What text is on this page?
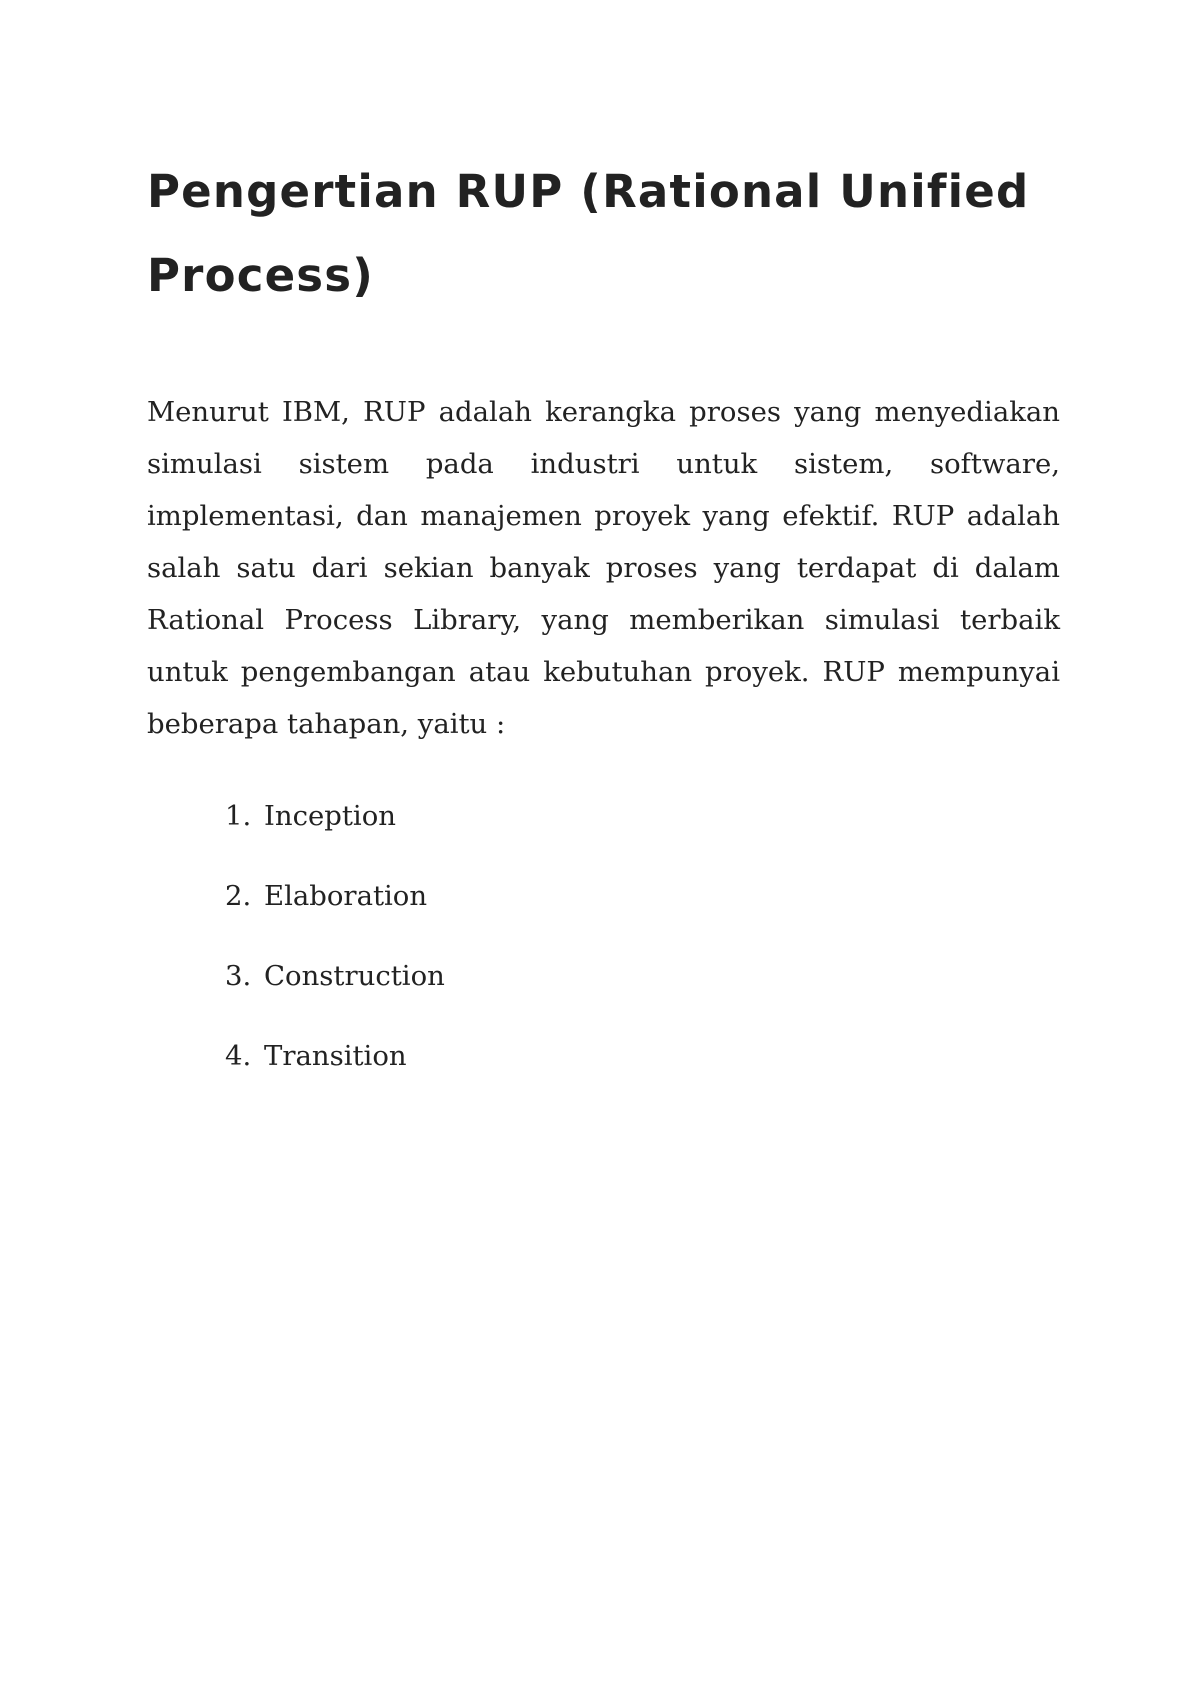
Pengertian RUP (Rational Unified Process)

Menurut IBM, RUP adalah kerangka proses yang menyediakan simulasi sistem pada industri untuk sistem, software, implementasi, dan manajemen proyek yang efektif. RUP adalah salah satu dari sekian banyak proses yang terdapat di dalam Rational Process Library, yang memberikan simulasi terbaik untuk pengembangan atau kebutuhan proyek. RUP mempunyai beberapa tahapan, yaitu :

1. Inception
2. Elaboration
3. Construction
4. Transition
